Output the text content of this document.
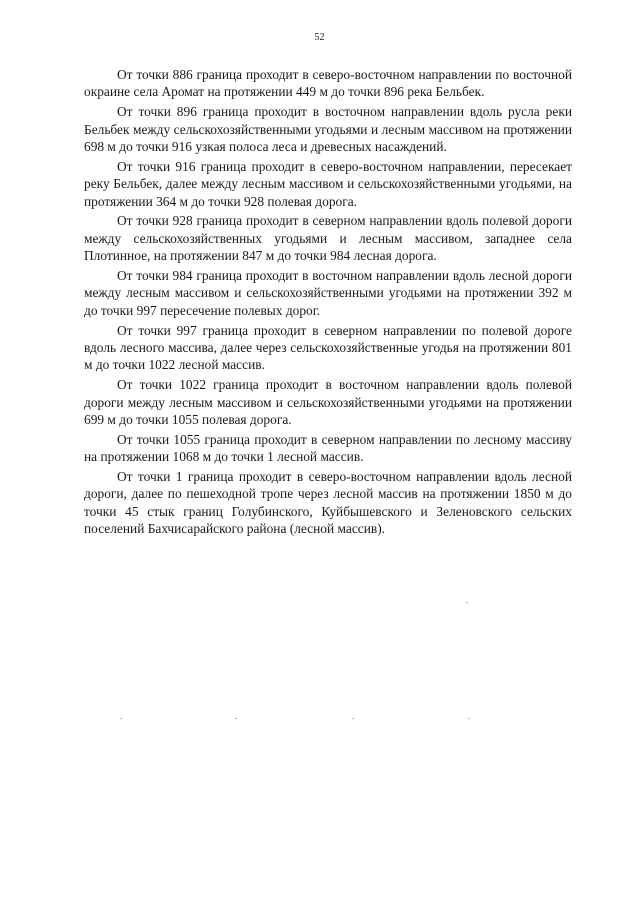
52

От точки 886 граница проходит в северо-восточном направлении по восточной окраине села Аромат на протяжении 449 м до точки 896 река Бельбек.

От точки 896 граница проходит в восточном направлении вдоль русла реки Бельбек между сельскохозяйственными угодьями и лесным массивом на протяжении 698 м до точки 916 узкая полоса леса и древесных насаждений.

От точки 916 граница проходит в северо-восточном направлении, пересекает реку Бельбек, далее между лесным массивом и сельскохозяйственными угодьями, на протяжении 364 м до точки 928 полевая дорога.

От точки 928 граница проходит в северном направлении вдоль полевой дороги между сельскохозяйственных угодьями и лесным массивом, западнее села Плотинное, на протяжении 847 м до точки 984 лесная дорога.

От точки 984 граница проходит в восточном направлении вдоль лесной дороги между лесным массивом и сельскохозяйственными угодьями на протяжении 392 м до точки 997 пересечение полевых дорог.

От точки 997 граница проходит в северном направлении по полевой дороге вдоль лесного массива, далее через сельскохозяйственные угодья на протяжении 801 м до точки 1022 лесной массив.

От точки 1022 граница проходит в восточном направлении вдоль полевой дороги между лесным массивом и сельскохозяйственными угодьями на протяжении 699 м до точки 1055 полевая дорога.

От точки 1055 граница проходит в северном направлении по лесному массиву на протяжении 1068 м до точки 1 лесной массив.

От точки 1 граница проходит в северо-восточном направлении вдоль лесной дороги, далее по пешеходной тропе через лесной массив на протяжении 1850 м до точки 45 стык границ Голубинского, Куйбышевского и Зеленовского сельских поселений Бахчисарайского района (лесной массив).
